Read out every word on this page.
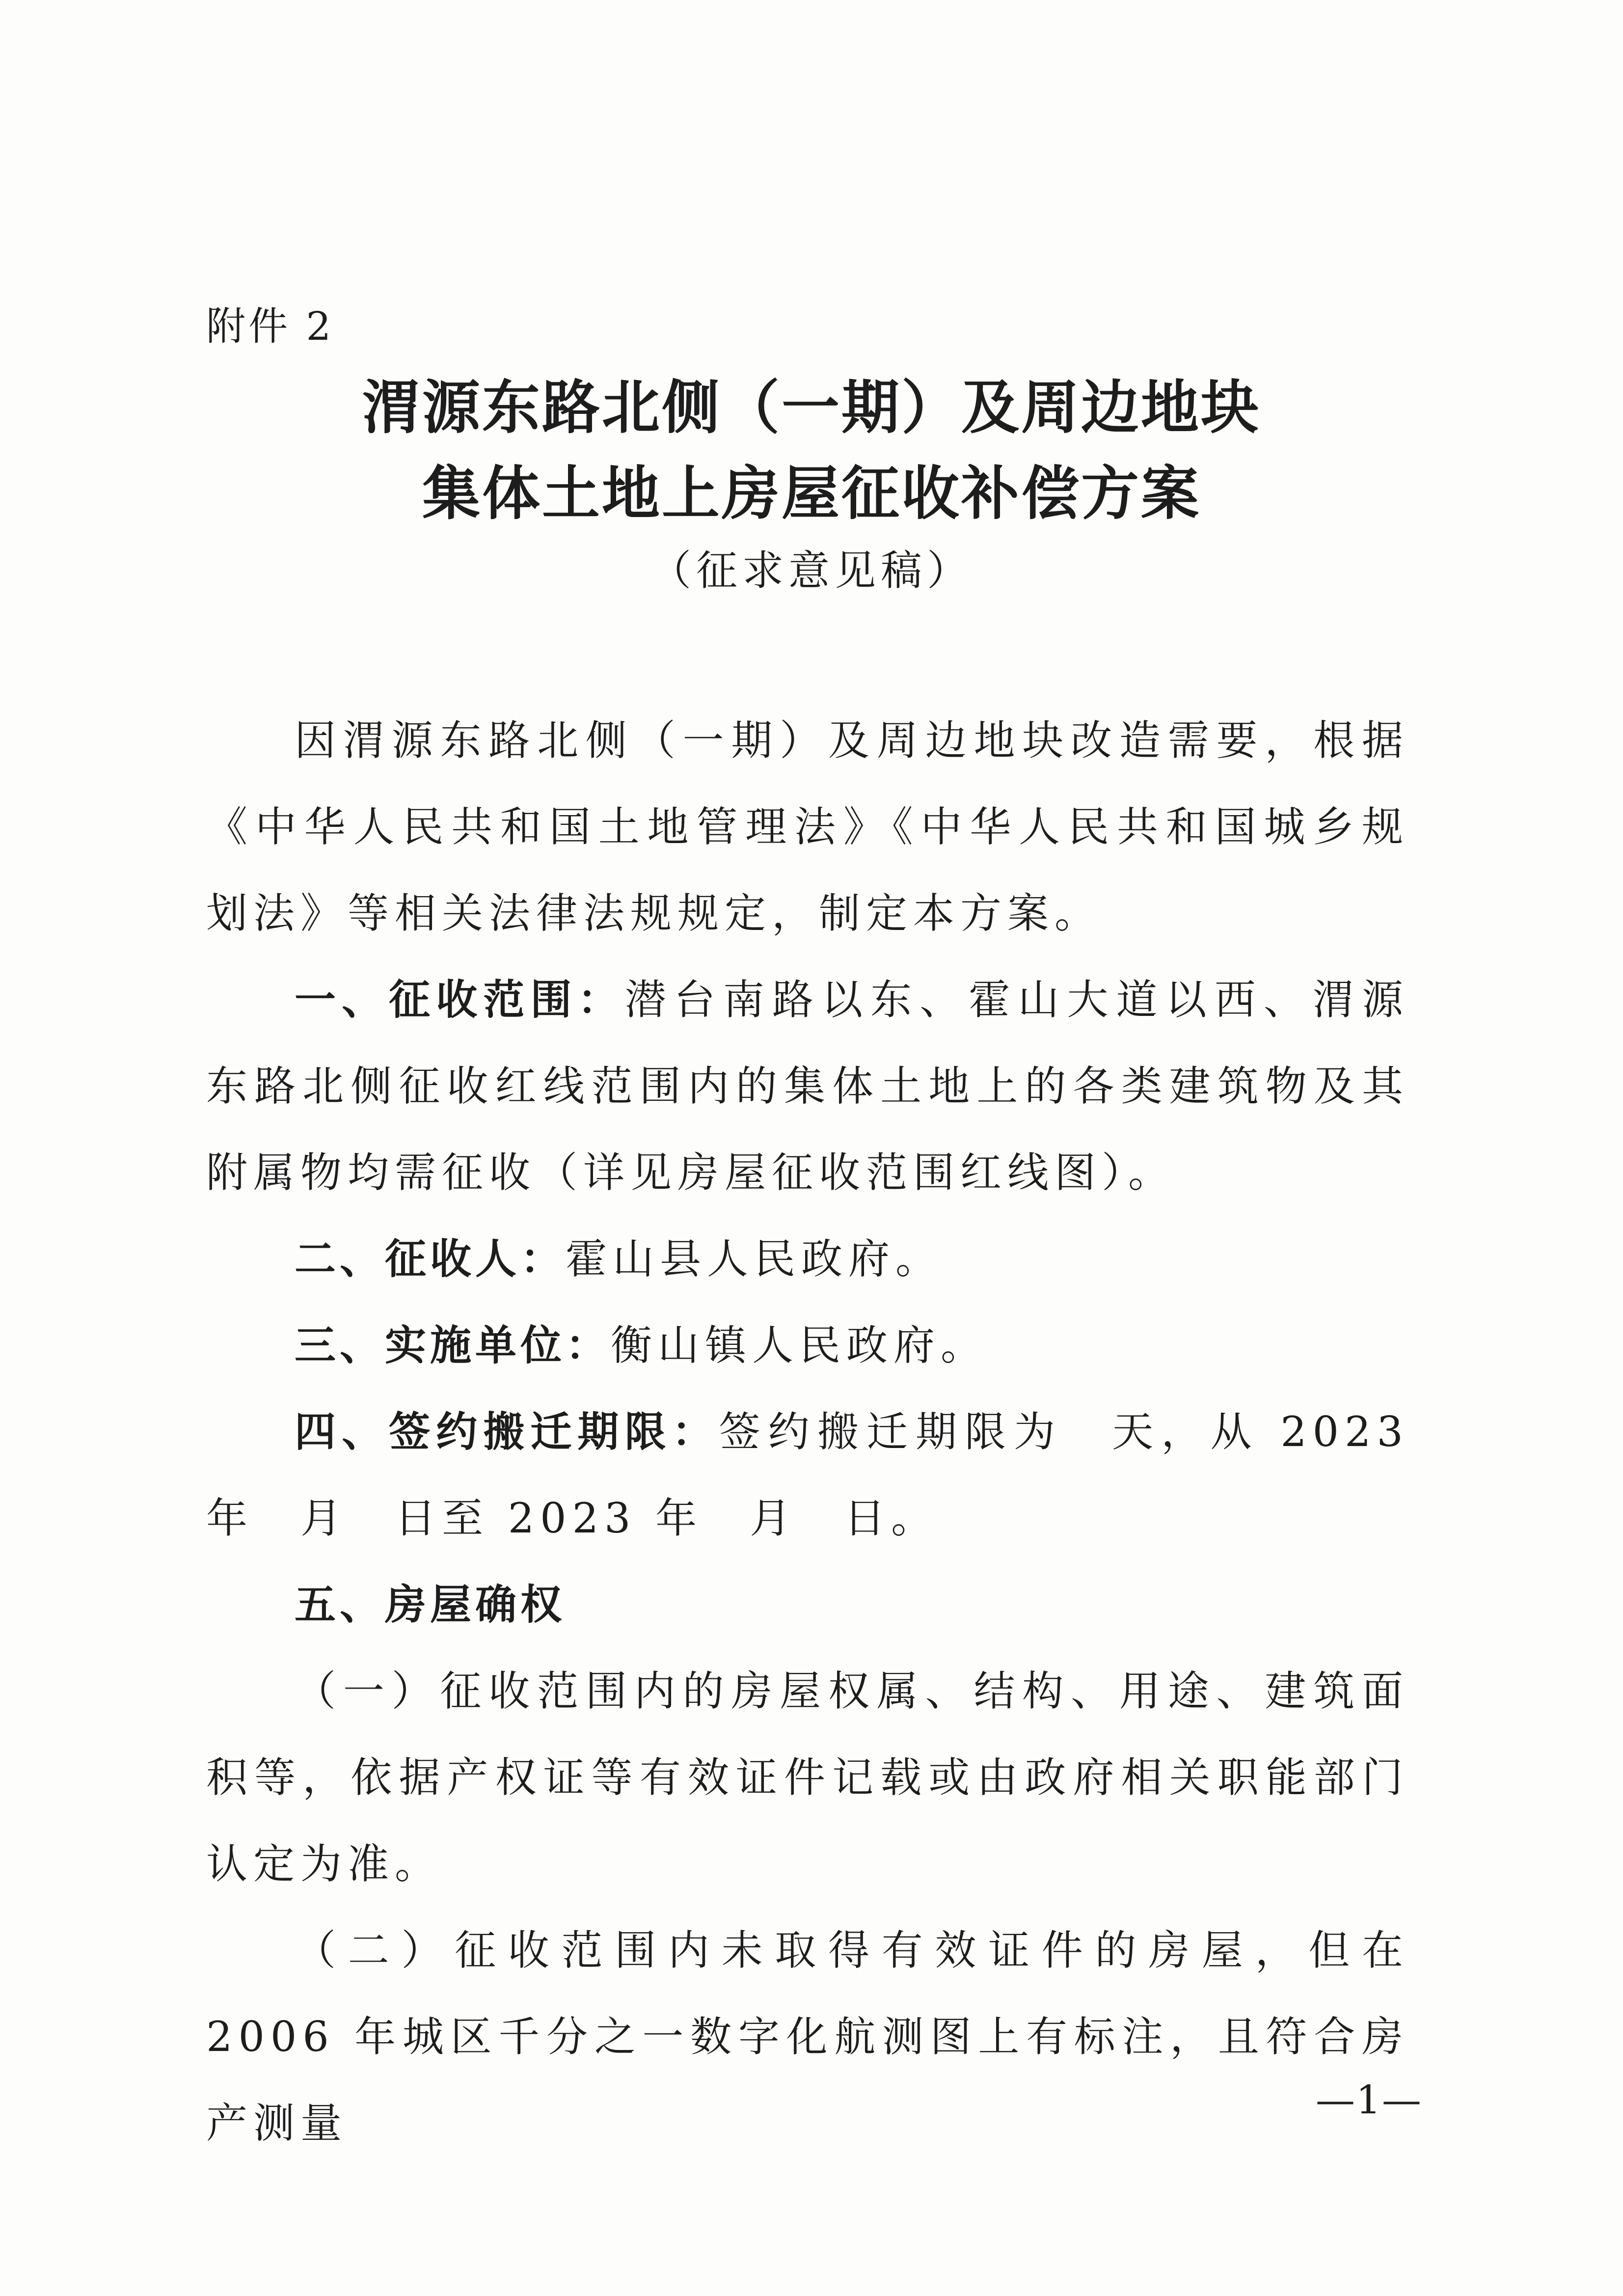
附件 2
渭源东路北侧（一期）及周边地块
集体土地上房屋征收补偿方案
（征求意见稿）

因渭源东路北侧（一期）及周边地块改造需要，根据《中华人民共和国土地管理法》《中华人民共和国城乡规划法》等相关法律法规规定，制定本方案。

一、征收范围：潜台南路以东、霍山大道以西、渭源东路北侧征收红线范围内的集体土地上的各类建筑物及其附属物均需征收（详见房屋征收范围红线图）。

二、征收人：霍山县人民政府。

三、实施单位：衡山镇人民政府。

四、签约搬迁期限：签约搬迁期限为　天，从 2023 年　月　日至 2023 年　月　日。

五、房屋确权

（一）征收范围内的房屋权属、结构、用途、建筑面积等，依据产权证等有效证件记载或由政府相关职能部门认定为准。

（二）征收范围内未取得有效证件的房屋，但在 2006 年城区千分之一数字化航测图上有标注，且符合房产测量	—1—
